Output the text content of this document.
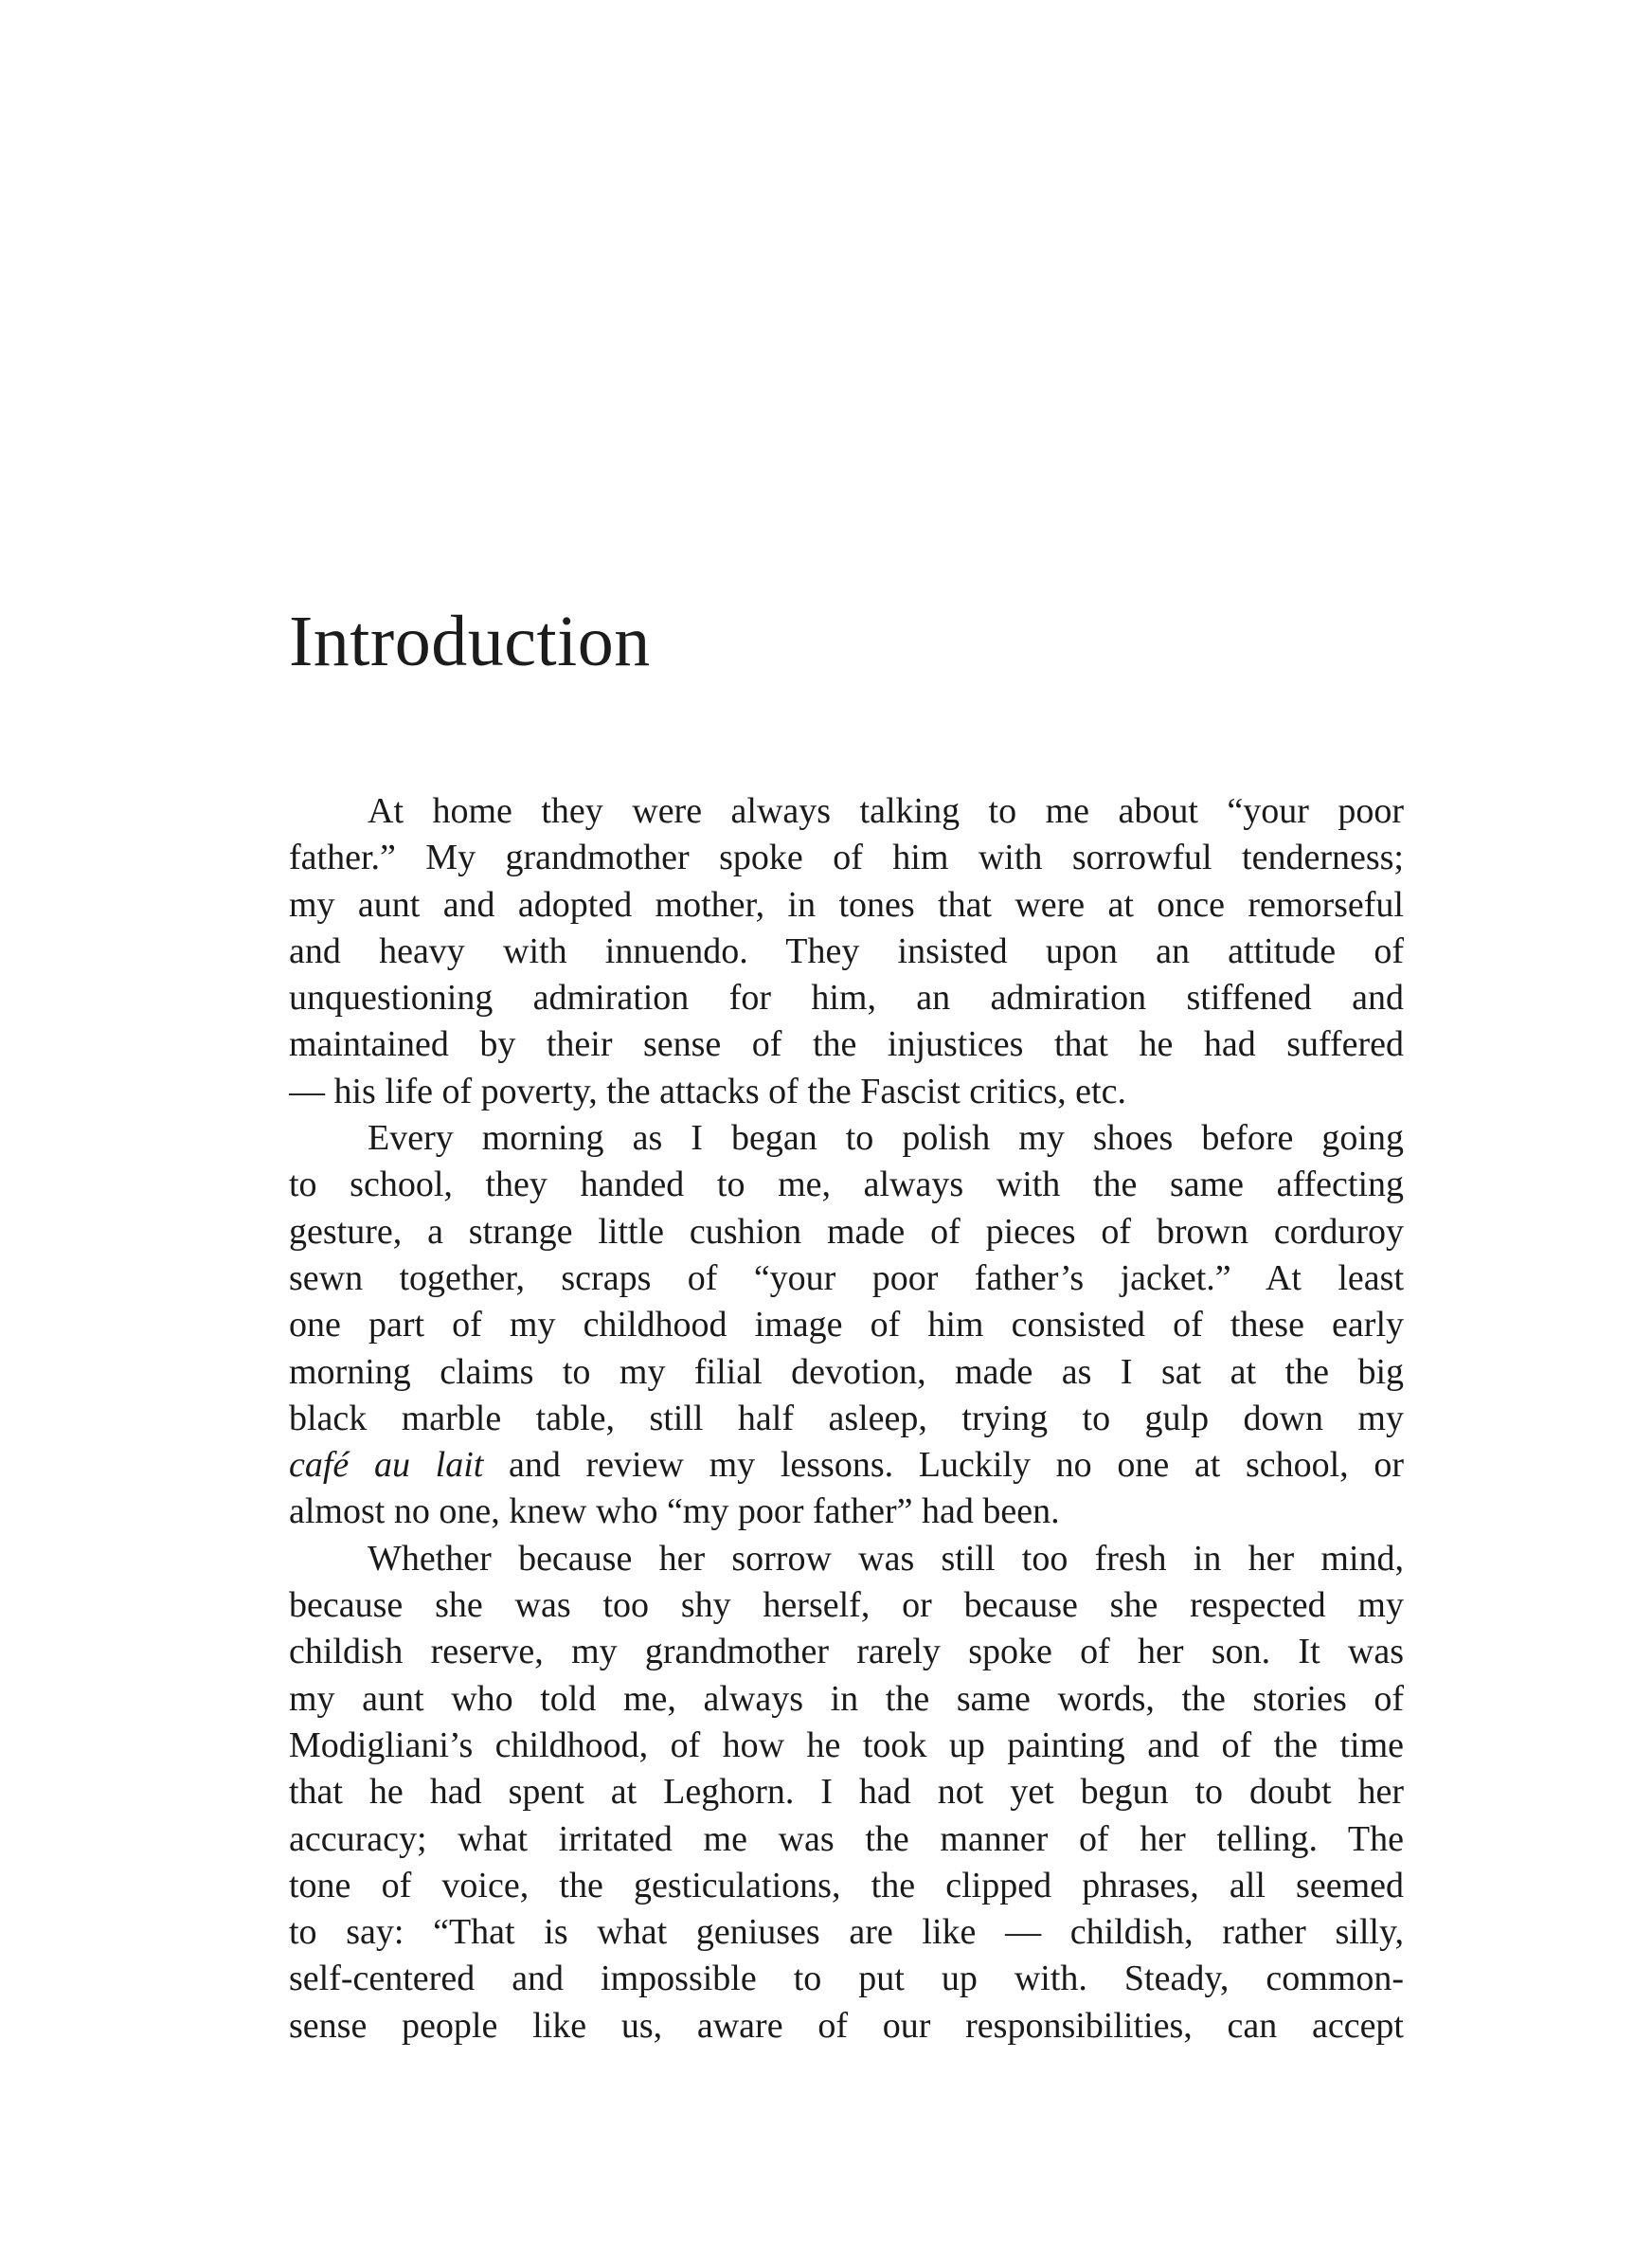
Introduction

At home they were always talking to me about “your poor
father.” My grandmother spoke of him with sorrowful tenderness;
my aunt and adopted mother, in tones that were at once remorseful
and heavy with innuendo. They insisted upon an attitude of
unquestioning admiration for him, an admiration stiffened and
maintained by their sense of the injustices that he had suffered
— his life of poverty, the attacks of the Fascist critics, etc.

Every morning as I began to polish my shoes before going
to school, they handed to me, always with the same affecting
gesture, a strange little cushion made of pieces of brown corduroy
sewn together, scraps of “your poor father’s jacket.” At least
one part of my childhood image of him consisted of these early
morning claims to my filial devotion, made as I sat at the big
black marble table, still half asleep, trying to gulp down my
café au lait and review my lessons. Luckily no one at school, or
almost no one, knew who “my poor father” had been.

Whether because her sorrow was still too fresh in her mind,
because she was too shy herself, or because she respected my
childish reserve, my grandmother rarely spoke of her son. It was
my aunt who told me, always in the same words, the stories of
Modigliani’s childhood, of how he took up painting and of the time
that he had spent at Leghorn. I had not yet begun to doubt her
accuracy; what irritated me was the manner of her telling. The
tone of voice, the gesticulations, the clipped phrases, all seemed
to say: “That is what geniuses are like — childish, rather silly,
self-centered and impossible to put up with. Steady, common-
sense people like us, aware of our responsibilities, can accept
